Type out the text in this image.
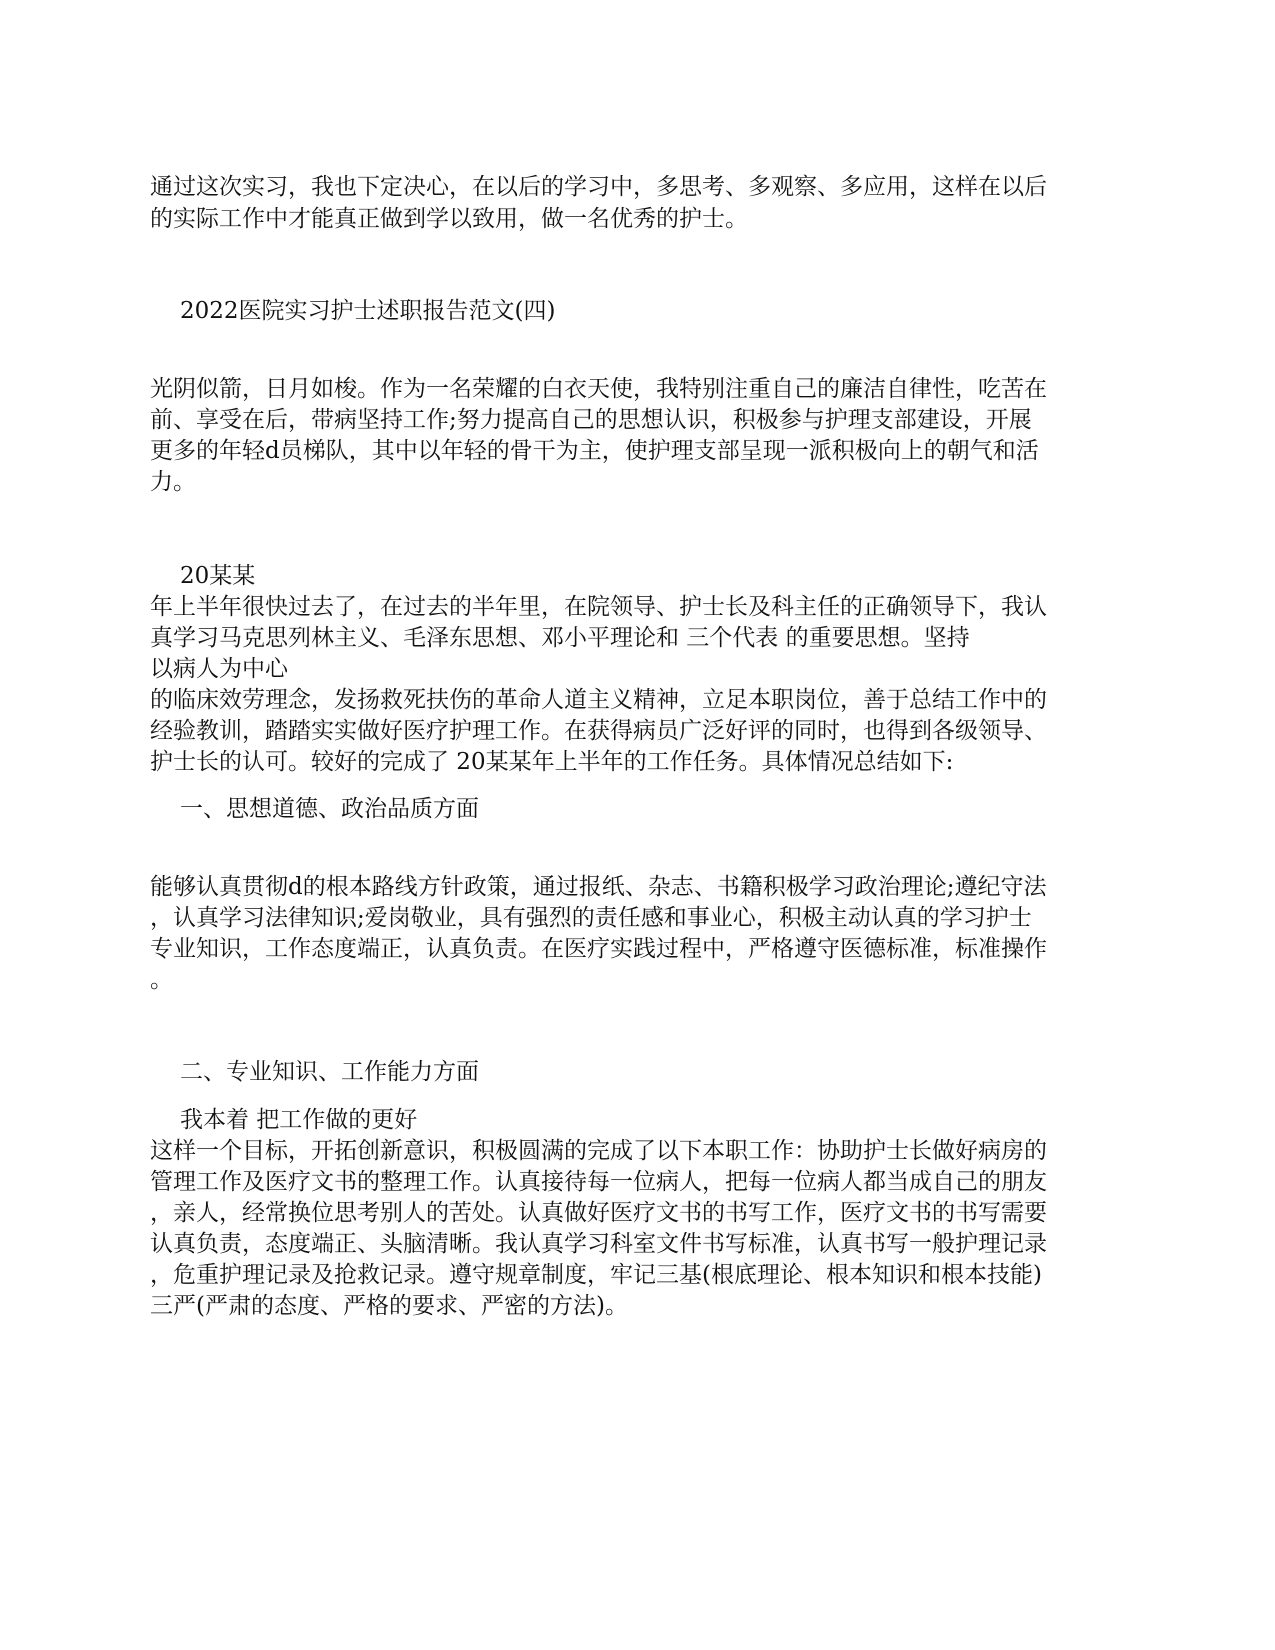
通过这次实习，我也下定决心，在以后的学习中，多思考、多观察、多应用，这样在以后

的实际工作中才能真正做到学以致用，做一名优秀的护士。

2022医院实习护士述职报告范文(四)

光阴似箭，日月如梭。作为一名荣耀的白衣天使，我特别注重自己的廉洁自律性，吃苦在

前、享受在后，带病坚持工作;努力提高自己的思想认识，积极参与护理支部建设，开展

更多的年轻d员梯队，其中以年轻的骨干为主，使护理支部呈现一派积极向上的朝气和活

力。

20某某

年上半年很快过去了，在过去的半年里，在院领导、护士长及科主任的正确领导下，我认

真学习马克思列林主义、毛泽东思想、邓小平理论和 三个代表 的重要思想。坚持

以病人为中心

的临床效劳理念，发扬救死扶伤的革命人道主义精神，立足本职岗位，善于总结工作中的

经验教训，踏踏实实做好医疗护理工作。在获得病员广泛好评的同时，也得到各级领导、

护士长的认可。较好的完成了 20某某年上半年的工作任务。具体情况总结如下:

一、思想道德、政治品质方面

能够认真贯彻d的根本路线方针政策，通过报纸、杂志、书籍积极学习政治理论;遵纪守法

，认真学习法律知识;爱岗敬业，具有强烈的责任感和事业心，积极主动认真的学习护士

专业知识，工作态度端正，认真负责。在医疗实践过程中，严格遵守医德标准，标准操作

。

二、专业知识、工作能力方面

我本着 把工作做的更好

这样一个目标，开拓创新意识，积极圆满的完成了以下本职工作：协助护士长做好病房的

管理工作及医疗文书的整理工作。认真接待每一位病人，把每一位病人都当成自己的朋友

，亲人，经常换位思考别人的苦处。认真做好医疗文书的书写工作，医疗文书的书写需要

认真负责，态度端正、头脑清晰。我认真学习科室文件书写标准，认真书写一般护理记录

，危重护理记录及抢救记录。遵守规章制度，牢记三基(根底理论、根本知识和根本技能)

三严(严肃的态度、严格的要求、严密的方法)。
